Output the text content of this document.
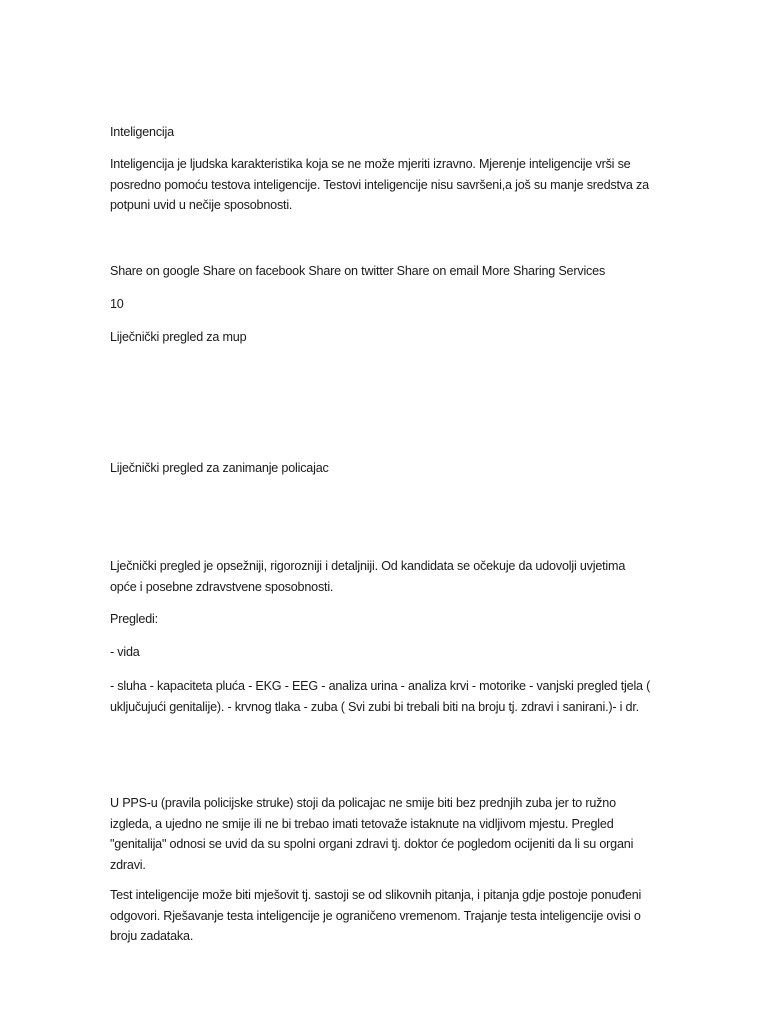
Inteligencija

Inteligencija je ljudska karakteristika koja se ne može mjeriti izravno. Mjerenje inteligencije vrši se
posredno pomoću testova inteligencije. Testovi inteligencije nisu savršeni,a još su manje sredstva za
potpuni uvid u nečije sposobnosti.

Share on google Share on facebook Share on twitter Share on email More Sharing Services

10

Liječnički pregled za mup

Liječnički pregled za zanimanje policajac

Lječnički pregled je opsežniji, rigorozniji i detaljniji. Od kandidata se očekuje da udovolji uvjetima
opće i posebne zdravstvene sposobnosti.

Pregledi:

- vida

- sluha - kapaciteta pluća - EKG - EEG - analiza urina - analiza krvi - motorike - vanjski pregled tjela (
uključujući genitalije). - krvnog tlaka - zuba ( Svi zubi bi trebali biti na broju tj. zdravi i sanirani.)- i dr.

U PPS-u (pravila policijske struke) stoji da policajac ne smije biti bez prednjih zuba jer to ružno
izgleda, a ujedno ne smije ili ne bi trebao imati tetovaže istaknute na vidljivom mjestu. Pregled
"genitalija" odnosi se uvid da su spolni organi zdravi tj. doktor će pogledom ocijeniti da li su organi
zdravi.

Test inteligencije može biti mješovit tj. sastoji se od slikovnih pitanja, i pitanja gdje postoje ponuđeni
odgovori. Rješavanje testa inteligencije je ograničeno vremenom. Trajanje testa inteligencije ovisi o
broju zadataka.
